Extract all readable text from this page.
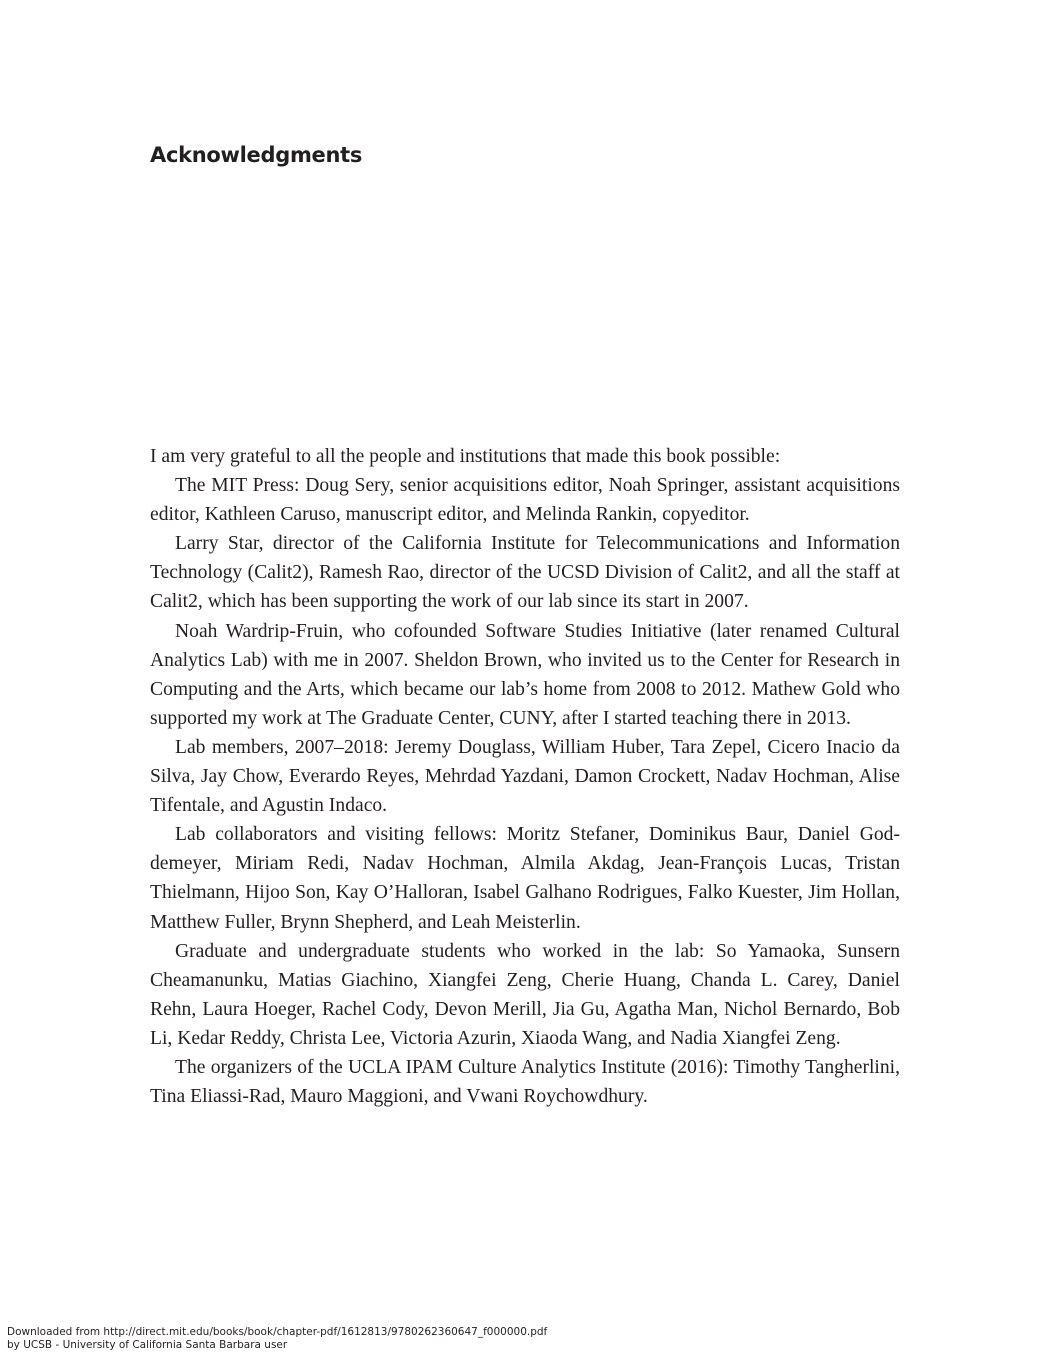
Acknowledgments

I am very grateful to all the people and institutions that made this book possible:

The MIT Press: Doug Sery, senior acquisitions editor, Noah Springer, assistant acquisitions editor, Kathleen Caruso, manuscript editor, and Melinda Rankin, copyeditor.

Larry Star, director of the California Institute for Telecommunications and Information Technology (Calit2), Ramesh Rao, director of the UCSD Division of Calit2, and all the staff at Calit2, which has been supporting the work of our lab since its start in 2007.

Noah Wardrip-Fruin, who cofounded Software Studies Initiative (later renamed Cultural Analytics Lab) with me in 2007. Sheldon Brown, who invited us to the Center for Research in Computing and the Arts, which became our lab’s home from 2008 to 2012. Mathew Gold who supported my work at The Graduate Center, CUNY, after I started teaching there in 2013.

Lab members, 2007–2018: Jeremy Douglass, William Huber, Tara Zepel, Cicero Inacio da Silva, Jay Chow, Everardo Reyes, Mehrdad Yazdani, Damon Crockett, Nadav Hochman, Alise Tifentale, and Agustin Indaco.

Lab collaborators and visiting fellows: Moritz Stefaner, Dominikus Baur, Daniel Goddemeyer, Miriam Redi, Nadav Hochman, Almila Akdag, Jean-François Lucas, Tristan Thielmann, Hijoo Son, Kay O’Halloran, Isabel Galhano Rodrigues, Falko Kuester, Jim Hollan, Matthew Fuller, Brynn Shepherd, and Leah Meisterlin.

Graduate and undergraduate students who worked in the lab: So Yamaoka, Sunsern Cheamanunku, Matias Giachino, Xiangfei Zeng, Cherie Huang, Chanda L. Carey, Daniel Rehn, Laura Hoeger, Rachel Cody, Devon Merill, Jia Gu, Agatha Man, Nichol Bernardo, Bob Li, Kedar Reddy, Christa Lee, Victoria Azurin, Xiaoda Wang, and Nadia Xiangfei Zeng.

The organizers of the UCLA IPAM Culture Analytics Institute (2016): Timothy Tangherlini, Tina Eliassi-Rad, Mauro Maggioni, and Vwani Roychowdhury.

Downloaded from http://direct.mit.edu/books/book/chapter-pdf/1612813/9780262360647_f000000.pdf
by UCSB - University of California Santa Barbara user
